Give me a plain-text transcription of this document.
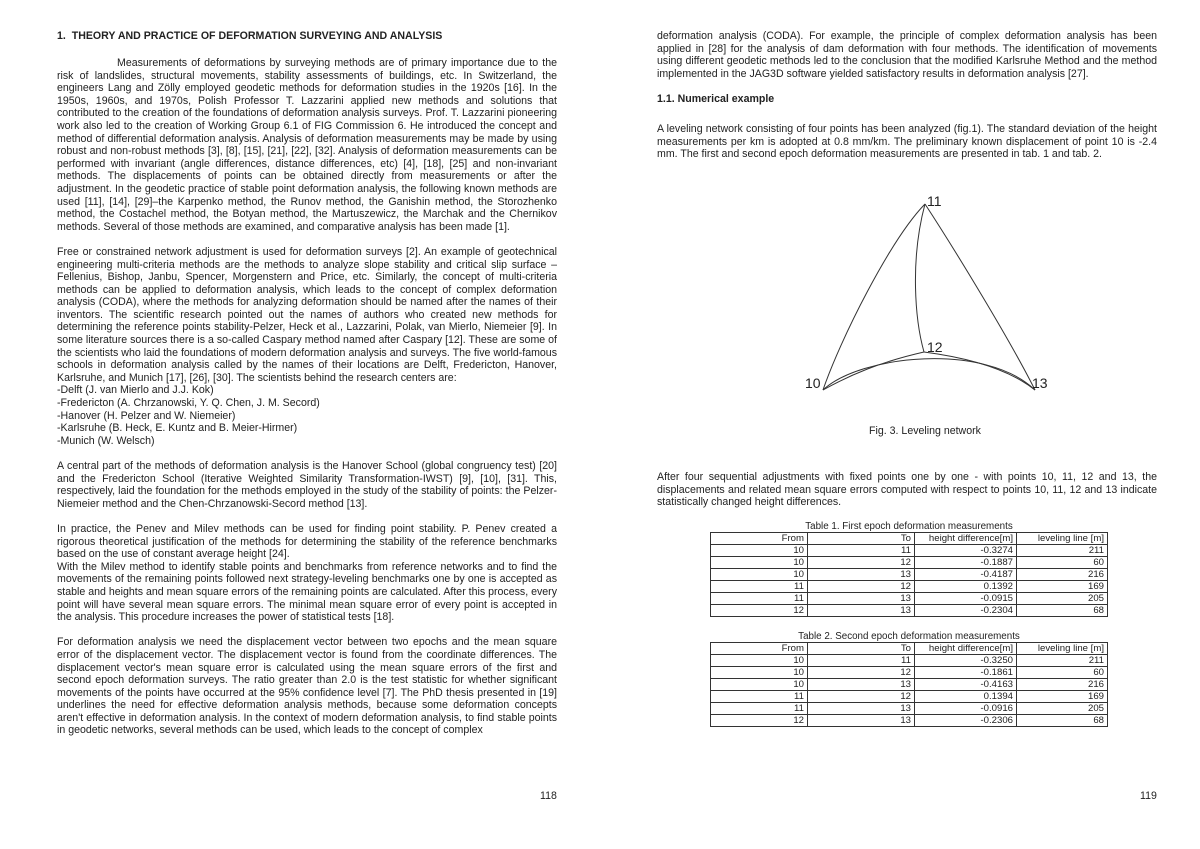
1.  THEORY AND PRACTICE OF DEFORMATION SURVEYING AND ANALYSIS

Measurements of deformations by surveying methods are of primary importance due to the risk of landslides, structural movements, stability assessments of buildings, etc. In Switzerland, the engineers Lang and Zölly employed geodetic methods for deformation studies in the 1920s [16]. In the 1950s, 1960s, and 1970s, Polish Professor T. Lazzarini applied new methods and solutions that contributed to the creation of the foundations of deformation analysis surveys. Prof. T. Lazzarini pioneering work also led to the creation of Working Group 6.1 of FIG Commission 6. He introduced the concept and method of differential deformation analysis. Analysis of deformation measurements may be made by using robust and non-robust methods [3], [8], [15], [21], [22], [32]. Analysis of deformation measurements can be performed with invariant (angle differences, distance differences, etc) [4], [18], [25] and non-invariant methods. The displacements of points can be obtained directly from measurements or after the adjustment. In the geodetic practice of stable point deformation analysis, the following known methods are used [11], [14], [29]–the Karpenko method, the Runov method, the Ganishin method, the Storozhenko method, the Costachel method, the Botyan method, the Martuszewicz, the Marchak and the Chernikov methods. Several of those methods are examined, and comparative analysis has been made [1].

Free or constrained network adjustment is used for deformation surveys [2]. An example of geotechnical engineering multi-criteria methods are the methods to analyze slope stability and critical slip surface – Fellenius, Bishop, Janbu, Spencer, Morgenstern and Price, etc. Similarly, the concept of multi-criteria methods can be applied to deformation analysis, which leads to the concept of complex deformation analysis (CODA), where the methods for analyzing deformation should be named after the names of their inventors. The scientific research pointed out the names of authors who created new methods for determining the reference points stability-Pelzer, Heck et al., Lazzarini, Polak, van Mierlo, Niemeier [9]. In some literature sources there is a so-called Caspary method named after Caspary [12]. These are some of the scientists who laid the foundations of modern deformation analysis and surveys. The five world-famous schools in deformation analysis called by the names of their locations are Delft, Fredericton, Hanover, Karlsruhe, and Munich [17], [26], [30]. The scientists behind the research centers are:

-Delft (J. van Mierlo and J.J. Kok)
-Fredericton (A. Chrzanowski, Y. Q. Chen, J. M. Secord)
-Hanover (H. Pelzer and W. Niemeier)
-Karlsruhe (B. Heck, E. Kuntz and B. Meier-Hirmer)
-Munich (W. Welsch)

A central part of the methods of deformation analysis is the Hanover School (global congruency test) [20] and the Fredericton School (Iterative Weighted Similarity Transformation-IWST) [9], [10], [31]. This, respectively, laid the foundation for the methods employed in the study of the stability of points: the Pelzer-Niemeier method and the Chen-Chrzanowski-Secord method [13].

In practice, the Penev and Milev methods can be used for finding point stability. P. Penev created a rigorous theoretical justification of the methods for determining the stability of the reference benchmarks based on the use of constant average height [24].

With the Milev method to identify stable points and benchmarks from reference networks and to find the movements of the remaining points followed next strategy-leveling benchmarks one by one is accepted as stable and heights and mean square errors of the remaining points are calculated. After this process, every point will have several mean square errors. The minimal mean square error of every point is accepted in the analysis. This procedure increases the power of statistical tests [18].

For deformation analysis we need the displacement vector between two epochs and the mean square error of the displacement vector. The displacement vector is found from the coordinate differences. The displacement vector's mean square error is calculated using the mean square errors of the first and second epoch deformation surveys. The ratio greater than 2.0 is the test statistic for whether significant movements of the points have occurred at the 95% confidence level [7]. The PhD thesis presented in [19] underlines the need for effective deformation analysis methods, because some deformation concepts aren't effective in deformation analysis. In the context of modern deformation analysis, to find stable points in geodetic networks, several methods can be used, which leads to the concept of complex

118

deformation analysis (CODA). For example, the principle of complex deformation analysis has been applied in [28] for the analysis of dam deformation with four methods. The identification of movements using different geodetic methods led to the conclusion that the modified Karlsruhe Method and the method implemented in the JAG3D software yielded satisfactory results in deformation analysis [27].

1.1. Numerical example

A leveling network consisting of four points has been analyzed (fig.1). The standard deviation of the height measurements per km is adopted at 0.8 mm/km. The preliminary known displacement of point 10 is -2.4 mm. The first and second epoch deformation measurements are presented in tab. 1 and tab. 2.

11
12
10	13
Fig. 3. Leveling network

After four sequential adjustments with fixed points one by one - with points 10, 11, 12 and 13, the displacements and related mean square errors computed with respect to points 10, 11, 12 and 13 indicate statistically changed height differences.

Table 1. First epoch deformation measurements
From	To	height difference[m]	leveling line [m]
10	11	-0.3274	211
10	12	-0.1887	60
10	13	-0.4187	216
11	12	0.1392	169
11	13	-0.0915	205
12	13	-0.2304	68
Table 2. Second epoch deformation measurements
From	To	height difference[m]	leveling line [m]
10	11	-0.3250	211
10	12	-0.1861	60
10	13	-0.4163	216
11	12	0.1394	169
11	13	-0.0916	205
12	13	-0.2306	68
119
